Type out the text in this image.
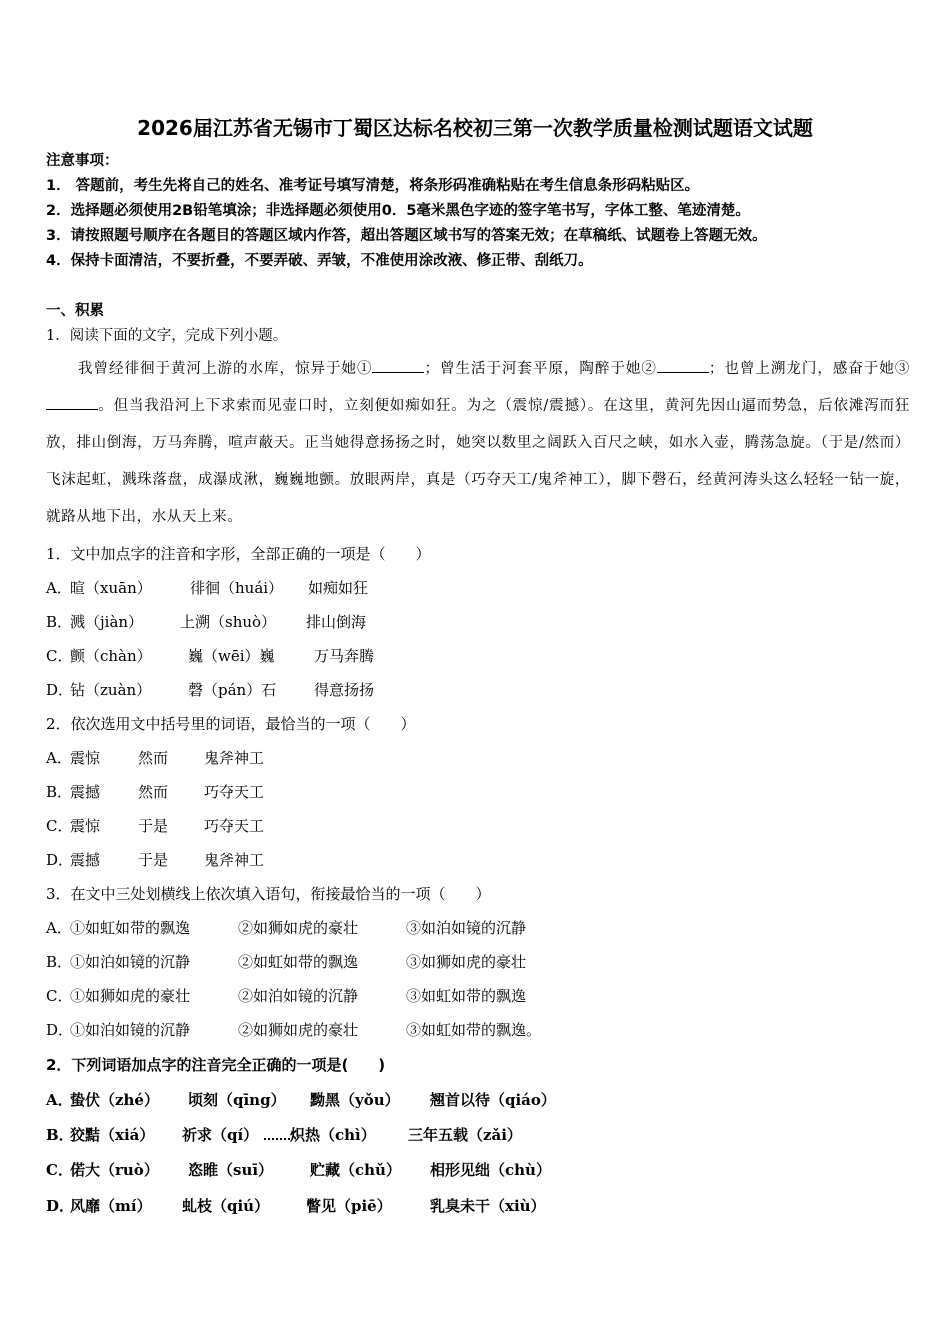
2026届江苏省无锡市丁蜀区达标名校初三第一次教学质量检测试题语文试题
注意事项：
1． 答题前，考生先将自己的姓名、准考证号填写清楚，将条形码准确粘贴在考生信息条形码粘贴区。
2．选择题必须使用2B铅笔填涂；非选择题必须使用0．5毫米黑色字迹的签字笔书写，字体工整、笔迹清楚。
3．请按照题号顺序在各题目的答题区域内作答，超出答题区域书写的答案无效；在草稿纸、试题卷上答题无效。
4．保持卡面清洁，不要折叠，不要弄破、弄皱，不准使用涂改液、修正带、刮纸刀。
一、积累
1．阅读下面的文字，完成下列小题。
我曾经徘徊于黄河上游的水库，惊异于她①	；曾生活于河套平原，陶醉于她②	；也曾上溯龙门，感奋于她③。但当我沿河上下求索而见壶口时，立刻便如痴如狂。为之（震惊/震撼）。在这里，黄河先因山逼而势急，后依滩泻而狂放，排山倒海，万马奔腾，喧声蔽天。正当她得意扬扬之时，她突以数里之阔跃入百尺之峡，如水入壶，腾荡急旋。（于是/然而）飞沫起虹，溅珠落盘，成瀑成湫，巍巍地颤。放眼两岸，真是（巧夺天工/鬼斧神工），脚下磬石，经黄河涛头这么轻轻一钻一旋，就路从地下出，水从天上来。
1．文中加点字的注音和字形，全部正确的一项是（　　）
A．暄（xuān）	徘徊（huái） 如痴如狂
B．溅（jiàn） 上溯（shuò） 排山倒海
C．颤（chàn） 巍（wēi）巍	万马奔腾
D．钻（zuàn） 磬（pán）石	得意扬扬
2．依次选用文中括号里的词语，最恰当的一项（　　）
A．震惊	然而 鬼斧神工
B．震撼	然而 巧夺天工
C．震惊	于是 巧夺天工
D．震撼	于是 鬼斧神工
3．在文中三处划横线上依次填入语句，衔接最恰当的一项（　　）
A．①如虹如带的飘逸	②如狮如虎的豪壮	③如泊如镜的沉静
B．①如泊如镜的沉静	②如虹如带的飘逸	③如狮如虎的豪壮
C．①如狮如虎的豪壮	②如泊如镜的沉静	③如虹如带的飘逸
D．①如泊如镜的沉静	②如狮如虎的豪壮	③如虹如带的飘逸。
2．下列词语加点字的注音完全正确的一项是(　　)
A．蛰伏（zhé） 顷刻（qīng） 黝黑（yǒu） 翘首以待（qiáo）
B．狡黠（xiá） 祈求（qí） 炽热（chì） 三年五载（zǎi）
C．偌大（ruò） 恣睢（suī） 贮藏（chǔ） 相形见绌（chù）
D．风靡（mí） 虬枝（qiú） 瞥见（piē）	乳臭未干（xiù）
